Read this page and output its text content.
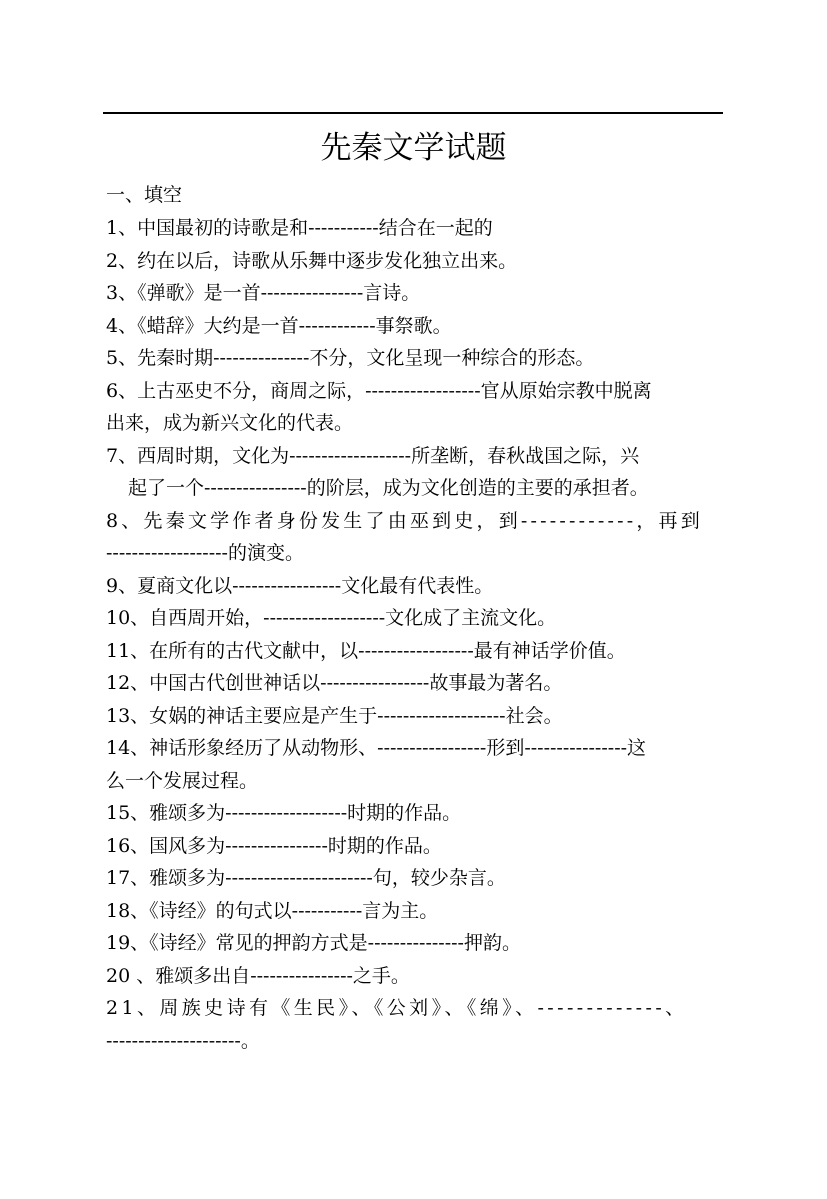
先秦文学试题
一、填空
1、中国最初的诗歌是和-----------结合在一起的
2、约在以后，诗歌从乐舞中逐步发化独立出来。
3、《弹歌》是一首----------------言诗。
4、《蜡辞》大约是一首------------事祭歌。
5、先秦时期---------------不分，文化呈现一种综合的形态。
6、上古巫史不分，商周之际，------------------官从原始宗教中脱离
出来，成为新兴文化的代表。
7、西周时期，文化为-------------------所垄断，春秋战国之际，兴
起了一个----------------的阶层，成为文化创造的主要的承担者。
8、先秦文学作者身份发生了由巫到史，到------------，再到
-------------------的演变。
9、夏商文化以-----------------文化最有代表性。
10、自西周开始，-------------------文化成了主流文化。
11、在所有的古代文献中，以------------------最有神话学价值。
12、中国古代创世神话以-----------------故事最为著名。
13、女娲的神话主要应是产生于--------------------社会。
14、神话形象经历了从动物形、-----------------形到----------------这
么一个发展过程。
15、雅颂多为-------------------时期的作品。
16、国风多为----------------时期的作品。
17、雅颂多为-----------------------句，较少杂言。
18、《诗经》的句式以-----------言为主。
19、《诗经》常见的押韵方式是---------------押韵。
20 、雅颂多出自----------------之手。
21、周族史诗有《生民》、《公刘》、《绵》、-------------、
---------------------。
